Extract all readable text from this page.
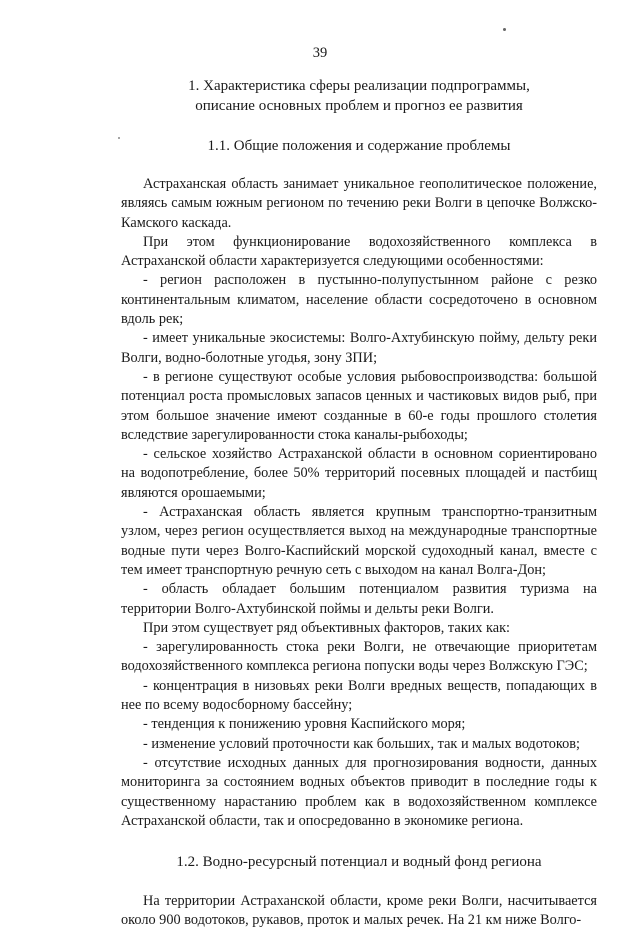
39
1. Характеристика сферы реализации подпрограммы,
описание основных проблем и прогноз ее развития
1.1. Общие положения и содержание проблемы

Астраханская область занимает уникальное геополитическое положение, являясь самым южным регионом по течению реки Волги в цепочке Волжско-Камского каскада.

При этом функционирование водохозяйственного комплекса в Астраханской области характеризуется следующими особенностями:

- регион расположен в пустынно-полупустынном районе с резко континентальным климатом, население области сосредоточено в основном вдоль рек;

- имеет уникальные экосистемы: Волго-Ахтубинскую пойму, дельту реки Волги, водно-болотные угодья, зону ЗПИ;

- в регионе существуют особые условия рыбовоспроизводства: большой потенциал роста промысловых запасов ценных и частиковых видов рыб, при этом большое значение имеют созданные в 60-е годы прошлого столетия вследствие зарегулированности стока каналы-рыбоходы;

- сельское хозяйство Астраханской области в основном сориентировано на водопотребление, более 50% территорий посевных площадей и пастбищ являются орошаемыми;

- Астраханская область является крупным транспортно-транзитным узлом, через регион осуществляется выход на международные транспортные водные пути через Волго-Каспийский морской судоходный канал, вместе с тем имеет транспортную речную сеть с выходом на канал Волга-Дон;

- область обладает большим потенциалом развития туризма на территории Волго-Ахтубинской поймы и дельты реки Волги.

При этом существует ряд объективных факторов, таких как:

- зарегулированность стока реки Волги, не отвечающие приоритетам водохозяйственного комплекса региона попуски воды через Волжскую ГЭС;

- концентрация в низовьях реки Волги вредных веществ, попадающих в нее по всему водосборному бассейну;

- тенденция к понижению уровня Каспийского моря;

- изменение условий проточности как больших, так и малых водотоков;

- отсутствие исходных данных для прогнозирования водности, данных мониторинга за состоянием водных объектов приводит в последние годы к существенному нарастанию проблем как в водохозяйственном комплексе Астраханской области, так и опосредованно в экономике региона.

1.2. Водно-ресурсный потенциал и водный фонд региона

На территории Астраханской области, кроме реки Волги, насчитывается около 900 водотоков, рукавов, проток и малых речек. На 21 км ниже Волго-
